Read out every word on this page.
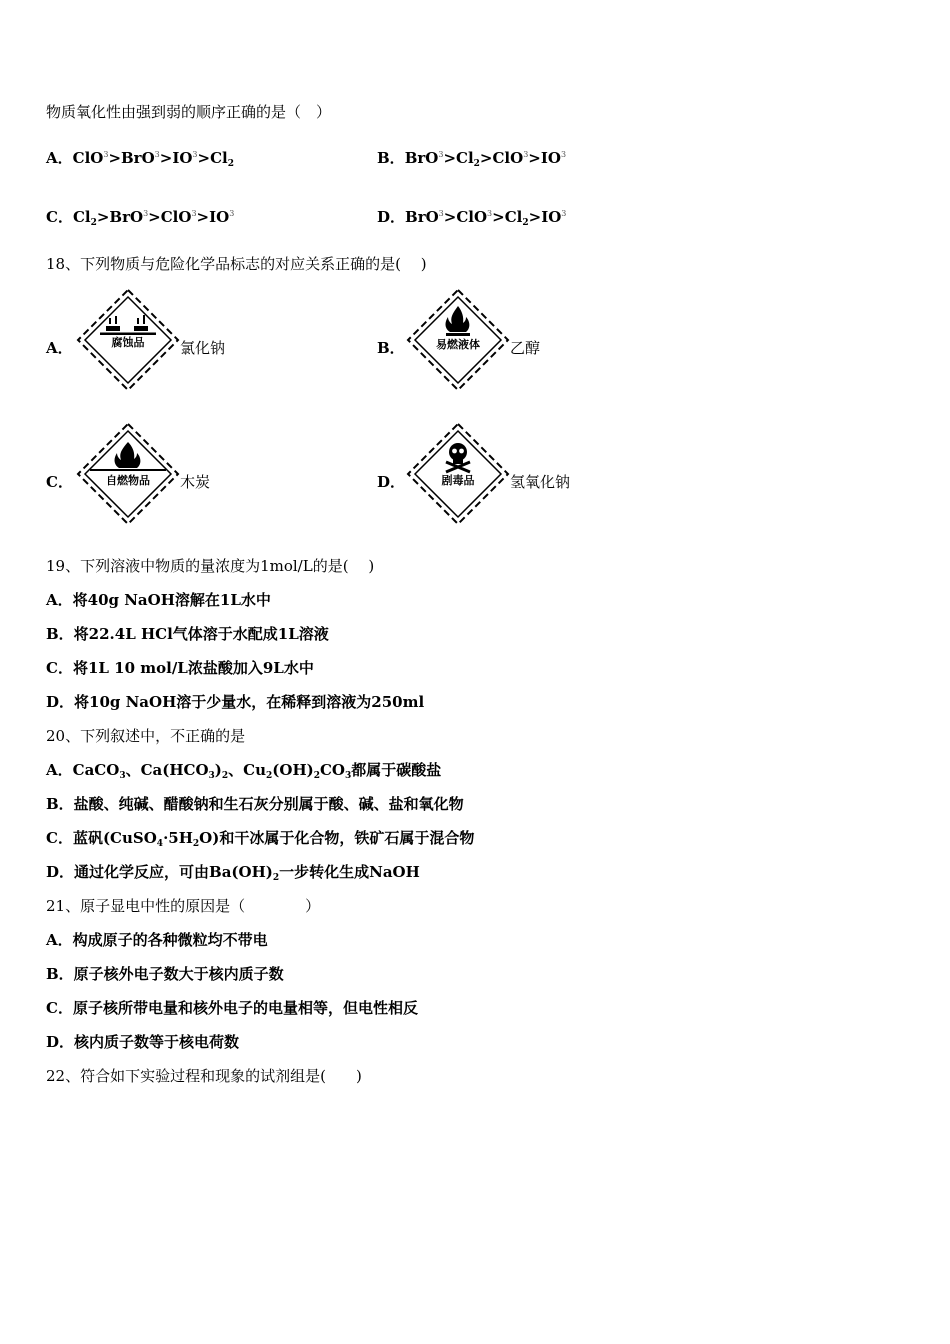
物质氧化性由强到弱的顺序正确的是（　）
A．$ClO^3>BrO^3>IO^3>Cl_2$	B．$BrO^3>Cl_2>ClO^3>IO^3$
C．$Cl_2>BrO^3>ClO^3>IO^3$	D．$BrO^3>ClO^3>Cl_2>IO^3$
18、下列物质与危险化学品标志的对应关系正确的是(　 )
A．	腐蚀品 氯化钠	B．	易燃液体 乙醇
C．	自燃物品 木炭	D．	剧毒品 氢氧化钠
19、下列溶液中物质的量浓度为1mol/L的是(　 )
A．将40g NaOH溶解在1L水中
B．将22.4L HCl气体溶于水配成1L溶液
C．将1L 10 mol/L浓盐酸加入9L水中
D．将10g NaOH溶于少量水，在稀释到溶液为250ml
20、下列叙述中，不正确的是
A．CaCO$_3$、$Ca(HCO_3)_2$、$Cu_2(OH)_2CO_3$都属于碳酸盐
B．盐酸、纯碱、醋酸钠和生石灰分别属于酸、碱、盐和氧化物
C．蓝矾$(CuSO_4\cdot 5H_2O)$和干冰属于化合物，铁矿石属于混合物
D．通过化学反应，可由$Ba(OH)_2$一步转化生成NaOH
21、原子显电中性的原因是（　　　　）
A．构成原子的各种微粒均不带电
B．原子核外电子数大于核内质子数
C．原子核所带电量和核外电子的电量相等，但电性相反
D．核内质子数等于核电荷数
22、符合如下实验过程和现象的试剂组是(　　)
